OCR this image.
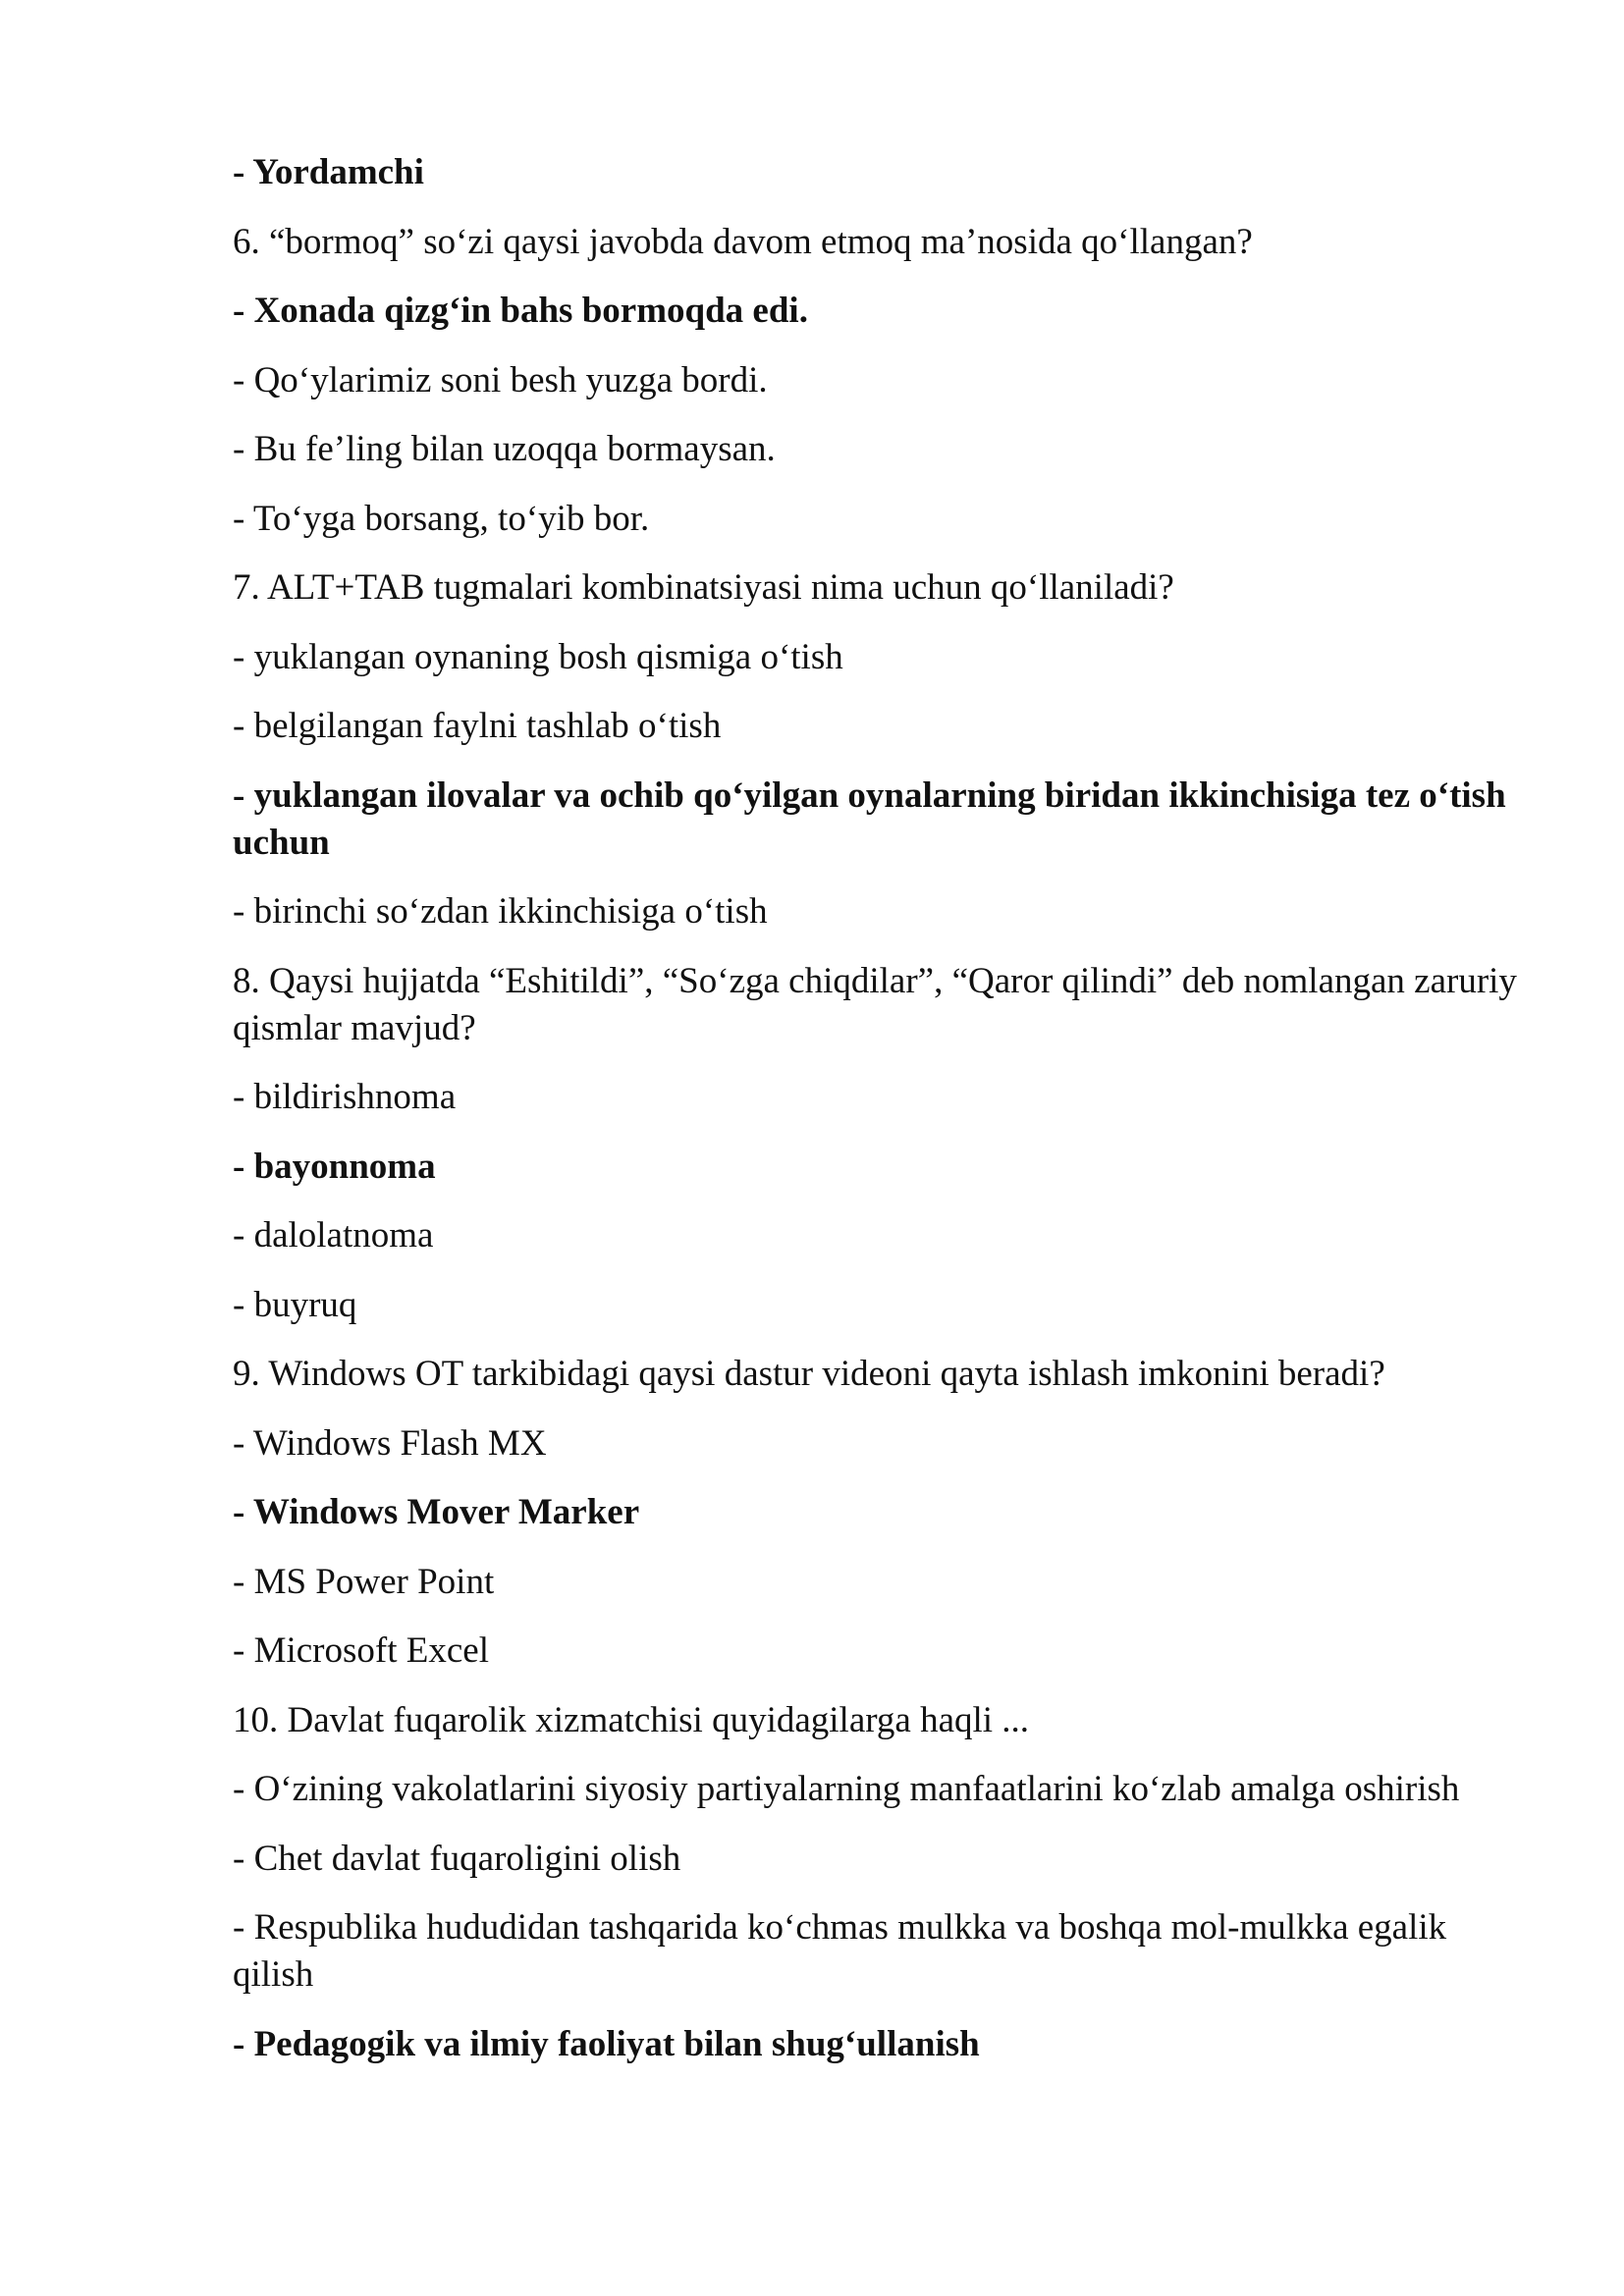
- Yordamchi
6. “bormoq” so‘zi qaysi javobda davom etmoq ma’nosida qo‘llangan?
- Xonada qizg‘in bahs bormoqda edi.
- Qo‘ylarimiz soni besh yuzga bordi.
- Bu fe’ling bilan uzoqqa bormaysan.
- To‘yga borsang, to‘yib bor.
7. ALT+TAB tugmalari kombinatsiyasi nima uchun qo‘llaniladi?
- yuklangan oynaning bosh qismiga o‘tish
- belgilangan faylni tashlab o‘tish
- yuklangan ilovalar va ochib qo‘yilgan oynalarning biridan ikkinchisiga tez o‘tish uchun
- birinchi so‘zdan ikkinchisiga o‘tish
8. Qaysi hujjatda “Eshitildi”, “So‘zga chiqdilar”, “Qaror qilindi” deb nomlangan zaruriy qismlar mavjud?
- bildirishnoma
- bayonnoma
- dalolatnoma
- buyruq
9. Windows OT tarkibidagi qaysi dastur videoni qayta ishlash imkonini beradi?
- Windows Flash MX
- Windows Mover Marker
- MS Power Point
- Microsoft Excel
10. Davlat fuqarolik xizmatchisi quyidagilarga haqli ...
- O‘zining vakolatlarini siyosiy partiyalarning manfaatlarini ko‘zlab amalga oshirish
- Chet davlat fuqaroligini olish
- Respublika hududidan tashqarida ko‘chmas mulkka va boshqa mol-mulkka egalik qilish
- Pedagogik va ilmiy faoliyat bilan shug‘ullanish
